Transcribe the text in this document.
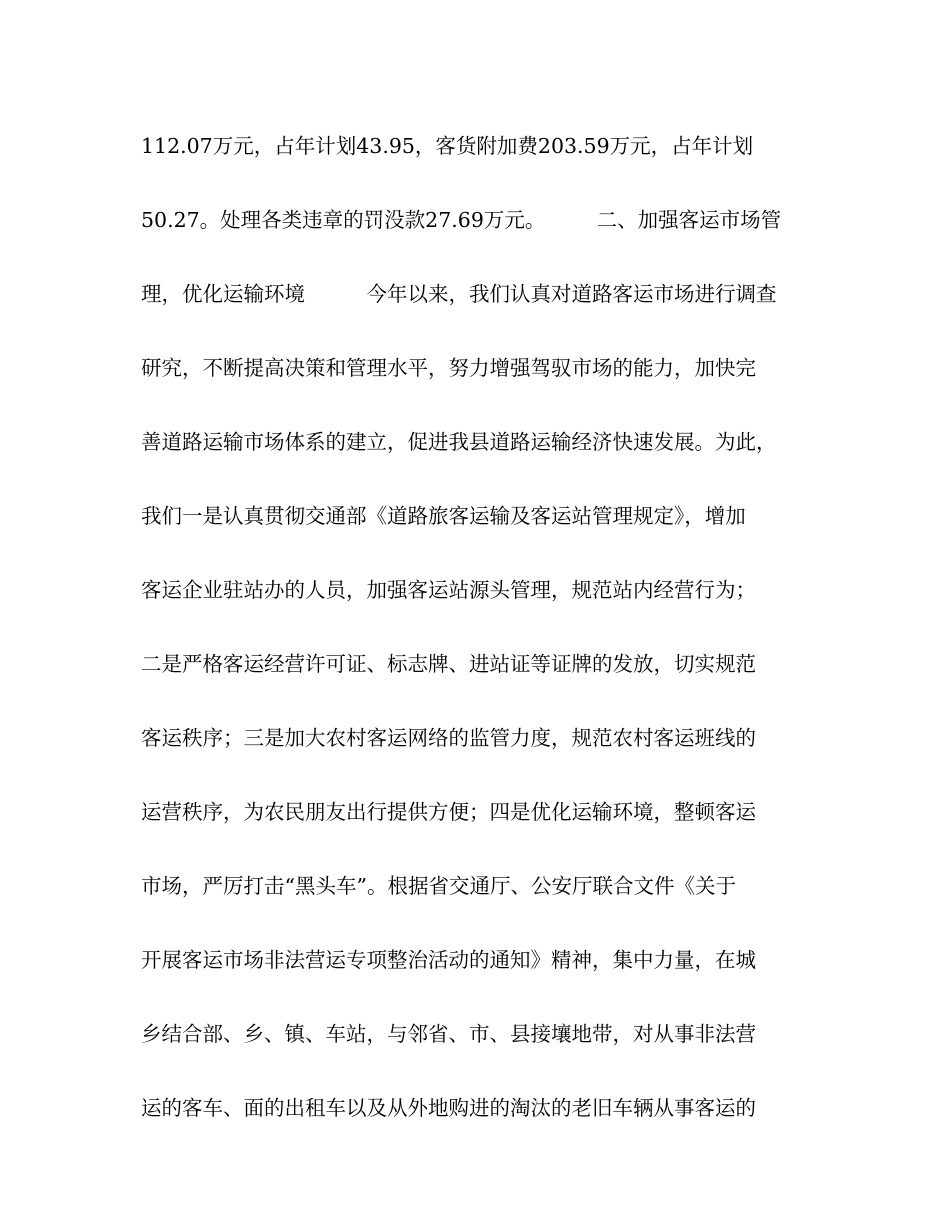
112.07万元，占年计划43.95，客货附加费203.59万元，占年计划
50.27。处理各类违章的罚没款27.69万元。　　　二、加强客运市场管
理，优化运输环境　　　今年以来，我们认真对道路客运市场进行调查
研究，不断提高决策和管理水平，努力增强驾驭市场的能力，加快完
善道路运输市场体系的建立，促进我县道路运输经济快速发展。为此，
我们一是认真贯彻交通部《道路旅客运输及客运站管理规定》，增加
客运企业驻站办的人员，加强客运站源头管理，规范站内经营行为；
二是严格客运经营许可证、标志牌、进站证等证牌的发放，切实规范
客运秩序；三是加大农村客运网络的监管力度，规范农村客运班线的
运营秩序，为农民朋友出行提供方便；四是优化运输环境，整顿客运
市场，严厉打击“黑头车”。根据省交通厅、公安厅联合文件《关于
开展客运市场非法营运专项整治活动的通知》精神，集中力量，在城
乡结合部、乡、镇、车站，与邻省、市、县接壤地带，对从事非法营
运的客车、面的出租车以及从外地购进的淘汰的老旧车辆从事客运的
